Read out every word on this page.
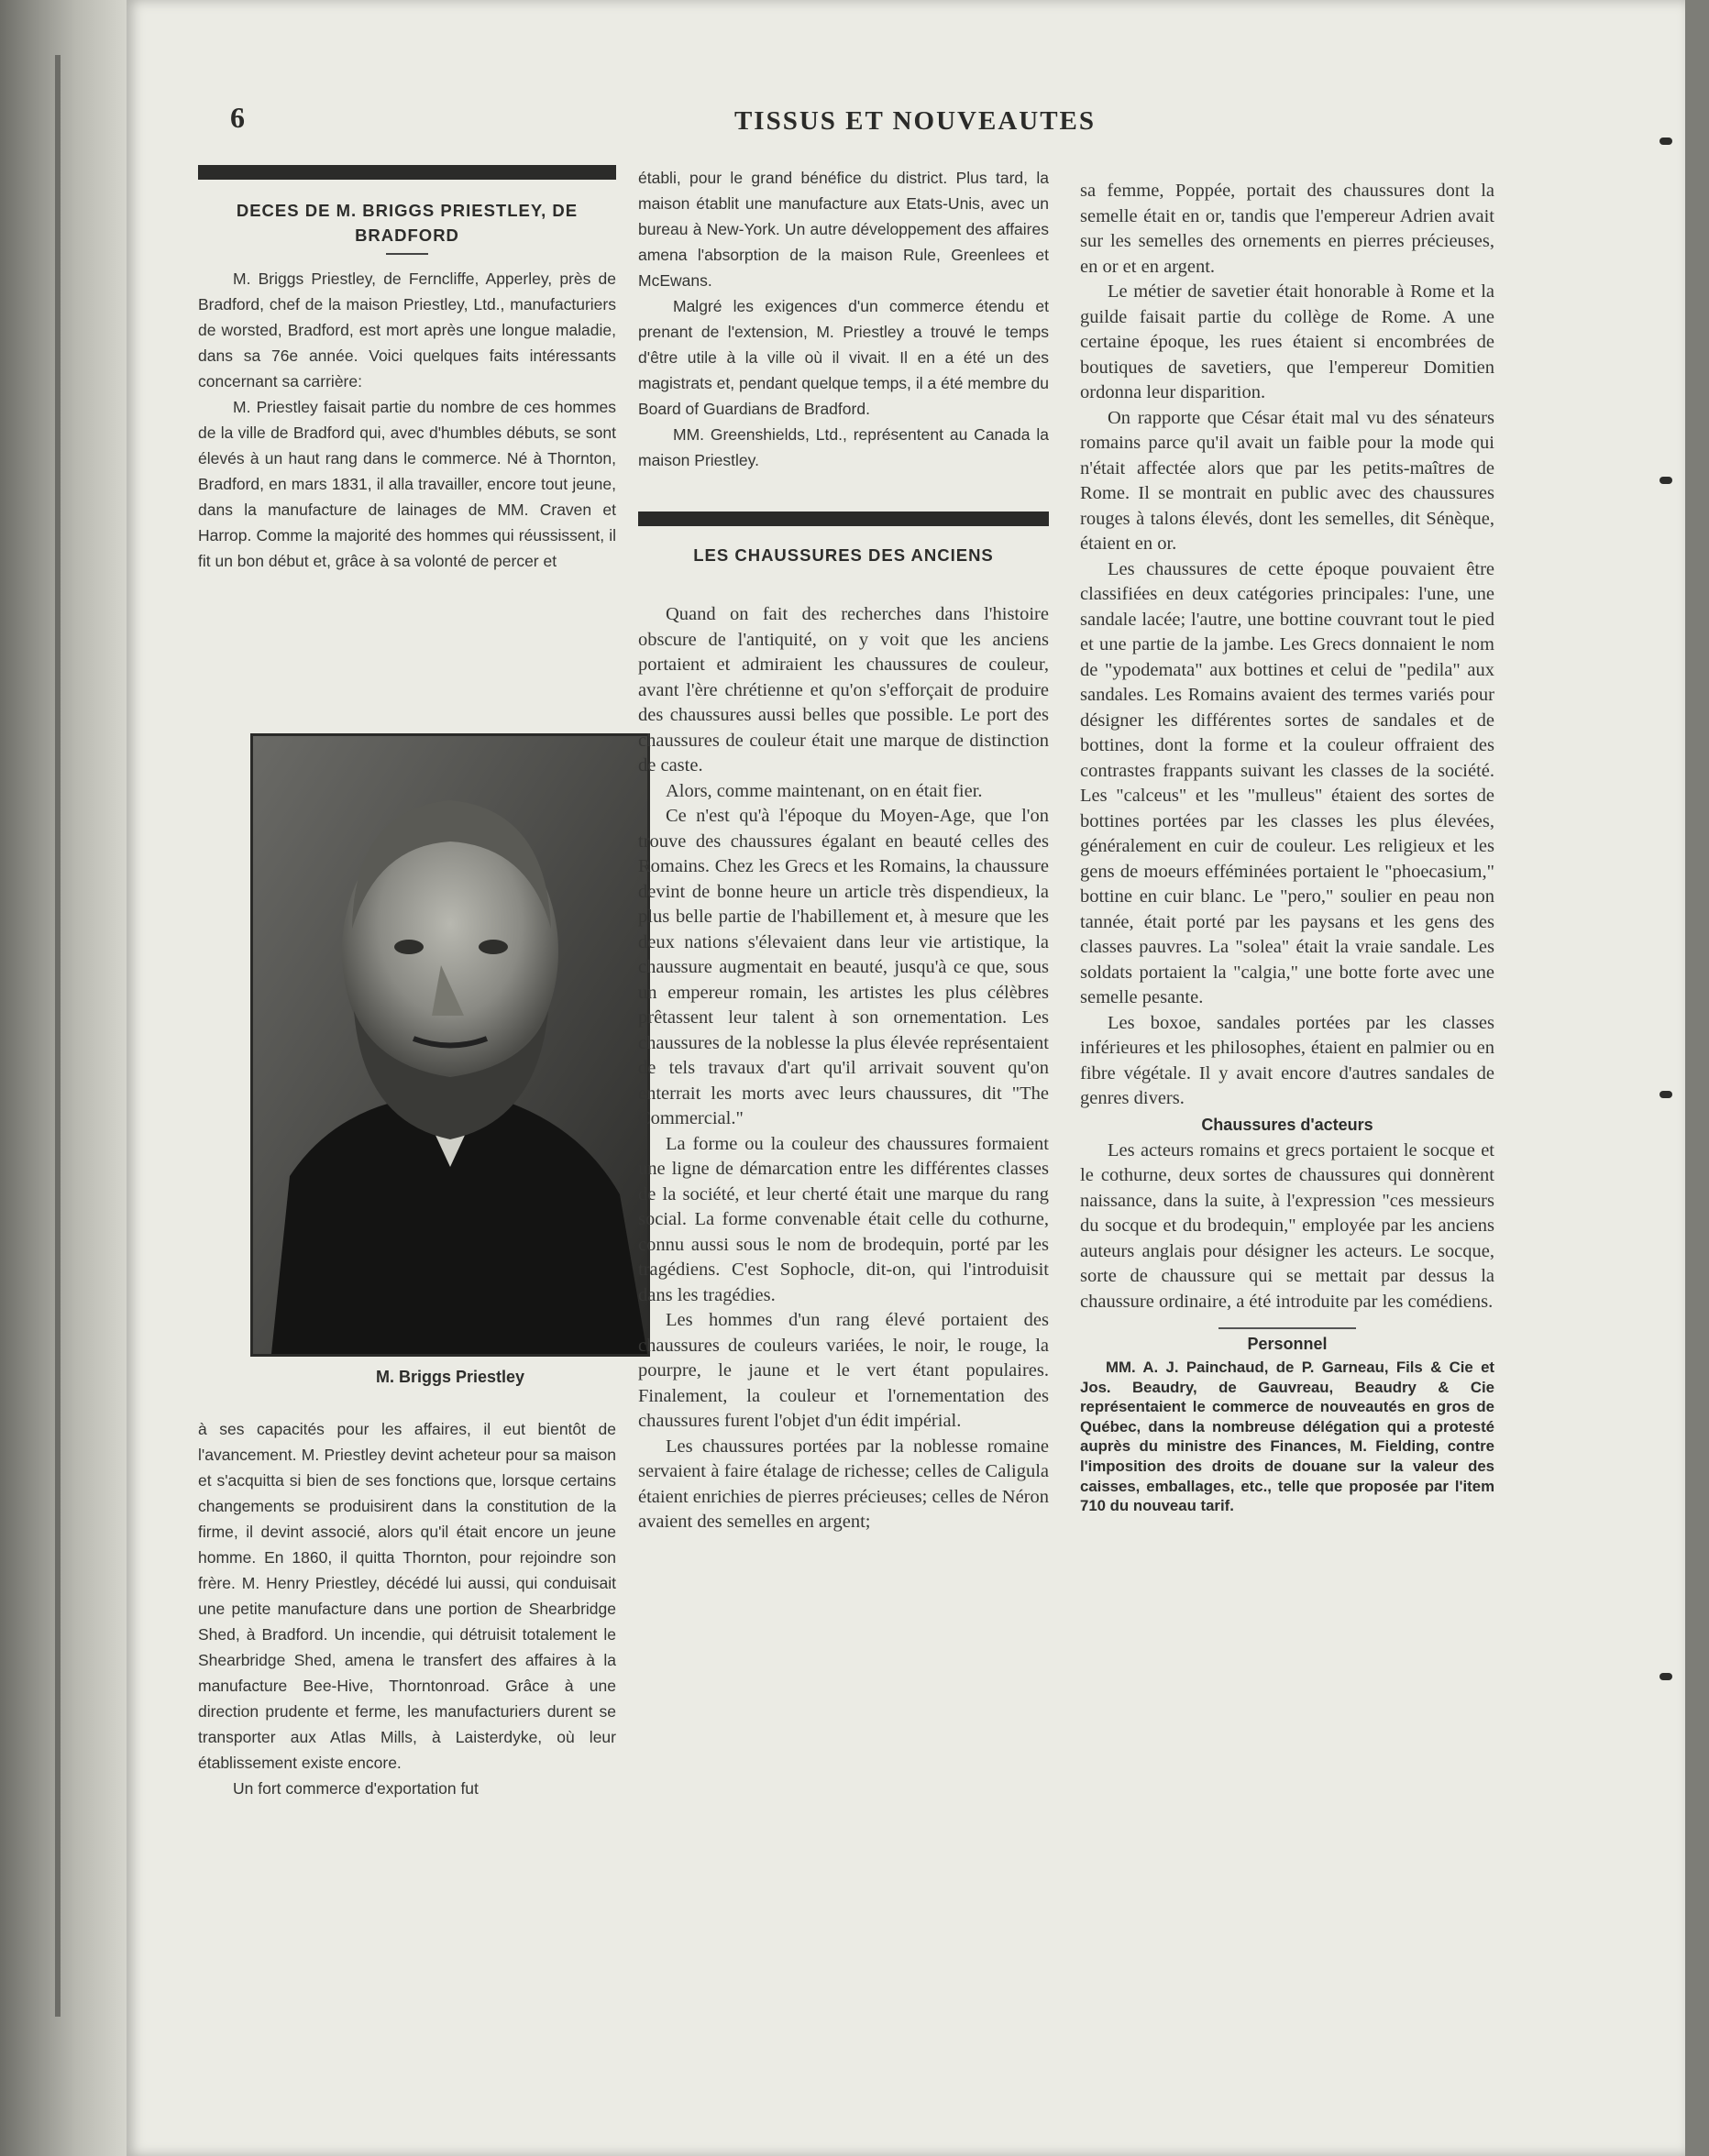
6	TISSUS ET NOUVEAUTES
DECES DE M. BRIGGS PRIESTLEY, DE BRADFORD

M. Briggs Priestley, de Ferncliffe, Apperley, près de Bradford, chef de la maison Priestley, Ltd., manufacturiers de worsted, Bradford, est mort après une longue maladie, dans sa 76e année. Voici quelques faits intéressants concernant sa carrière:

M. Priestley faisait partie du nombre de ces hommes de la ville de Bradford qui, avec d'humbles débuts, se sont élevés à un haut rang dans le commerce. Né à Thornton, Bradford, en mars 1831, il alla travailler, encore tout jeune, dans la manufacture de lainages de MM. Craven et Harrop. Comme la majorité des hommes qui réussissent, il fit un bon début et, grâce à sa volonté de percer et

M. Briggs Priestley

à ses capacités pour les affaires, il eut bientôt de l'avancement. M. Priestley devint acheteur pour sa maison et s'acquitta si bien de ses fonctions que, lorsque certains changements se produisirent dans la constitution de la firme, il devint associé, alors qu'il était encore un jeune homme. En 1860, il quitta Thornton, pour rejoindre son frère. M. Henry Priestley, décédé lui aussi, qui conduisait une petite manufacture dans une portion de Shearbridge Shed, à Bradford. Un incendie, qui détruisit totalement le Shearbridge Shed, amena le transfert des affaires à la manufacture Bee-Hive, Thorntonroad. Grâce à une direction prudente et ferme, les manufacturiers durent se transporter aux Atlas Mills, à Laisterdyke, où leur établissement existe encore.

Un fort commerce d'exportation fut

établi, pour le grand bénéfice du district. Plus tard, la maison établit une manufacture aux Etats-Unis, avec un bureau à New-York. Un autre développement des affaires amena l'absorption de la maison Rule, Greenlees et McEwans.

Malgré les exigences d'un commerce étendu et prenant de l'extension, M. Priestley a trouvé le temps d'être utile à la ville où il vivait. Il en a été un des magistrats et, pendant quelque temps, il a été membre du Board of Guardians de Bradford.

MM. Greenshields, Ltd., représentent au Canada la maison Priestley.

LES CHAUSSURES DES ANCIENS

Quand on fait des recherches dans l'histoire obscure de l'antiquité, on y voit que les anciens portaient et admiraient les chaussures de couleur, avant l'ère chrétienne et qu'on s'efforçait de produire des chaussures aussi belles que possible. Le port des chaussures de couleur était une marque de distinction de caste.

Alors, comme maintenant, on en était fier.

Ce n'est qu'à l'époque du Moyen-Age, que l'on trouve des chaussures égalant en beauté celles des Romains. Chez les Grecs et les Romains, la chaussure devint de bonne heure un article très dispendieux, la plus belle partie de l'habillement et, à mesure que les deux nations s'élevaient dans leur vie artistique, la chaussure augmentait en beauté, jusqu'à ce que, sous un empereur romain, les artistes les plus célèbres prêtassent leur talent à son ornementation. Les chaussures de la noblesse la plus élevée représentaient de tels travaux d'art qu'il arrivait souvent qu'on enterrait les morts avec leurs chaussures, dit "The Commercial."

La forme ou la couleur des chaussures formaient une ligne de démarcation entre les différentes classes de la société, et leur cherté était une marque du rang social. La forme convenable était celle du cothurne, connu aussi sous le nom de brodequin, porté par les tragédiens. C'est Sophocle, dit-on, qui l'introduisit dans les tragédies.

Les hommes d'un rang élevé portaient des chaussures de couleurs variées, le noir, le rouge, la pourpre, le jaune et le vert étant populaires. Finalement, la couleur et l'ornementation des chaussures furent l'objet d'un édit impérial.

Les chaussures portées par la noblesse romaine servaient à faire étalage de richesse; celles de Caligula étaient enrichies de pierres précieuses; celles de Néron avaient des semelles en argent;

sa femme, Poppée, portait des chaussures dont la semelle était en or, tandis que l'empereur Adrien avait sur les semelles des ornements en pierres précieuses, en or et en argent.

Le métier de savetier était honorable à Rome et la guilde faisait partie du collège de Rome. A une certaine époque, les rues étaient si encombrées de boutiques de savetiers, que l'empereur Domitien ordonna leur disparition.

On rapporte que César était mal vu des sénateurs romains parce qu'il avait un faible pour la mode qui n'était affectée alors que par les petits-maîtres de Rome. Il se montrait en public avec des chaussures rouges à talons élevés, dont les semelles, dit Sénèque, étaient en or.

Les chaussures de cette époque pouvaient être classifiées en deux catégories principales: l'une, une sandale lacée; l'autre, une bottine couvrant tout le pied et une partie de la jambe. Les Grecs donnaient le nom de "ypodemata" aux bottines et celui de "pedila" aux sandales. Les Romains avaient des termes variés pour désigner les différentes sortes de sandales et de bottines, dont la forme et la couleur offraient des contrastes frappants suivant les classes de la société. Les "calceus" et les "mulleus" étaient des sortes de bottines portées par les classes les plus élevées, généralement en cuir de couleur. Les religieux et les gens de moeurs efféminées portaient le "phoecasium," bottine en cuir blanc. Le "pero," soulier en peau non tannée, était porté par les paysans et les gens des classes pauvres. La "solea" était la vraie sandale. Les soldats portaient la "calgia," une botte forte avec une semelle pesante.

Les boxoe, sandales portées par les classes inférieures et les philosophes, étaient en palmier ou en fibre végétale. Il y avait encore d'autres sandales de genres divers.

Chaussures d'acteurs

Les acteurs romains et grecs portaient le socque et le cothurne, deux sortes de chaussures qui donnèrent naissance, dans la suite, à l'expression "ces messieurs du socque et du brodequin," employée par les anciens auteurs anglais pour désigner les acteurs. Le socque, sorte de chaussure qui se mettait par dessus la chaussure ordinaire, a été introduite par les comédiens.

Personnel

MM. A. J. Painchaud, de P. Garneau, Fils & Cie et Jos. Beaudry, de Gauvreau, Beaudry & Cie représentaient le commerce de nouveautés en gros de Québec, dans la nombreuse délégation qui a protesté auprès du ministre des Finances, M. Fielding, contre l'imposition des droits de douane sur la valeur des caisses, emballages, etc., telle que proposée par l'item 710 du nouveau tarif.
